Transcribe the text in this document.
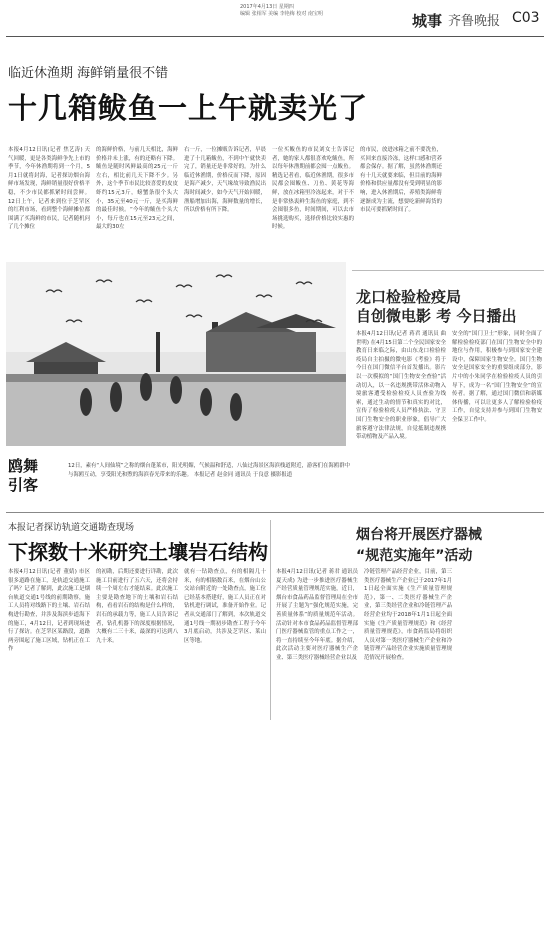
2017年4月13日 星期四
编辑 张相军 美编 李艳梅 校对 南宝明	城事 齐鲁晚报 C03
临近休渔期 海鲜销量很不错
十几箱鲅鱼一上午就卖光了
本报4月12日讯(记者 焦艺涛) 天气回暖，更是各类海鲜争先上市的季节，今年休渔期将到一个月，5月1日就将封海，记者探访烟台海鲜市场发现，海鲜销量很好价格平稳，不少市民都抓紧时间尝鲜。12日上午，记者来到位于芝罘区的红利市场，看到整个海鲜摊位都围满了买海鲜的市民，记者随机问了几个摊位
的海鲜价格，与前几天相比，海鲜价格并未上涨，有的还略有下降。鲅鱼是随时风鲜最高的25元一斤左右，相比前几天下降不少。另外，这个季节市民比较喜爱的皮皮虾约15元3斤，螃蟹条很个头大小，35元至40元一斤，是买海鲜的最佳时候。“今年的鲅鱼个头大小，每斤也在15元至23元之间，最大的30左
右一斤，一位摊贩告诉记者，早晨进了十几箱鲅鱼，不到中午就快卖完了，销量还是非常好的。为什么临近休渔期，价格反而下降，原因是海产减少，天气缘故导致渔民出海时间减少，如今天气开始回暖，渔船增加出海，海鲜数量的增长，所以价格有所下降。
一位买鲅鱼的市民刘女士告诉记者，她的家人都很喜欢吃鲅鱼，所以每年休渔期前都会囤一点鲅鱼。精选记者看，临近休渔期，很多市民都会囤鲅鱼、刀鱼、黄花等海鲜，放在冰箱里冷冻起来，对于不是非常热衷鲜生海鱼的家庭，到不会囤很多鱼，时间期间，可以去市场挑选购买，选择价格比较实惠的时候。
的市民，放进冰箱之前不要洗鱼，买回来直接冷冻，这样口感和营养都会保存。据了解，虽然休渔期还有十几天就要来临，但目前的海鲜价格和供应量都没有受到明显的影响，进入休渔期后，养殖类海鲜将逐渐成为主流，想要吃新鲜海货的市民可要抓紧时间了。
鸥舞引客
12日，素有“人间仙境”之称的烟台蓬莱市，阳光明媚，气候温和舒适，八仙过海景区海滨栈道附近，游客们在海鸥群中与海鸥互动，享受阳光和煦的海滨春光带来的乐趣。 本报记者 赵金同 通讯员 于良意 摄影报道
龙口检验检疫局
自创微电影 考 今日播出
本报4月12日讯(记者 蒋君 通讯员 曲世明) 在4月15日第二个全民国家安全教育日来临之际，由山东龙口检验检疫局自主拍摄的微电影《考验》将于今日在国门微信平台首发播出。影片以一次模拟的“国门生物安全查验”活动切入，以一名违规携带活体动物入境旅客遭受检验检疫人员查验为线索，通过生动的情节和真实的对比，宣传了检验检疫人员严格执法、守卫国门生物安全的职业形象，倡导广大旅客遵守法律法规，自觉抵制违规携带动植物及产品入境。
安全的“国门卫士”形象，同时全面了解检验检疫部门在国门生物安全中的地位与作用，积极参与到国家安全建设中，保障国家生物安全。国门生物安全是国家安全的重要组成部分，影片中的小朱同学在检验检疫人员的引导下，成为一名“国门生物安全”的宣传者。据了解，通过国门微信和新媒体传播，可以让更多人了解检验检疫工作，自觉支持并参与到国门生物安全保卫工作中。
本报记者探访轨道交通勘查现场
下探数十米研究土壤岩石结构
本报4月12日讯(记者 董婧) 市区很多道路在施工，是轨道交通施工了吗？记者了解到，此次施工是烟台轨道交通1号线的前期勘察，施工人员将对线路下的土壤、岩石结构进行勘查，并涉及海滨步道海下的施工，4月12日，记者到现场进行了探访。在芝罘区某路段，道路两旁围起了施工区域，钻机正在工作
的初勘，后期还要进行详勘，此次施工目前进行了五六天，还将会持续一个周左右才能结束。此次施工主要是勘查地下的土壤和岩石结构，看看岩石的结构是什么样的，岩石的承载力等，施工人员告诉记者，钻孔机器下的深度根据情况，大概有二三十米，最深的可达到八九十米。
就有一钻勘查点，有的相隔几十米，有的相隔数百米，在烟台山公交站台附近的一处勘查点，施工位已经基本搭建好，施工人员正在对钻机进行调试，准备开始作业。记者从交通部门了解到，本次轨道交通1号线一期初步勘查工程于今年3月底启动，共涉及芝罘区、莱山区等地。
烟台将开展医疗器械
“规范实施年”活动
本报4月12日讯(记者 蒋君 通讯员 夏天成) 为进一步推进医疗器械生产经营质量管理规范实施，近日，烟台市食品药品监督管理局在全市开展了主题为“强化规范实施，完善质量体系”的质量规范年活动。活动针对本市食品药品监督管理部门医疗器械监管的重点工作之一，将一直持续至今年年底。据介绍，此次活动主要对医疗器械生产企业、第三类医疗器械经营企业以及
冷链管理产品经营企业，目前，第三类医疗器械生产企业已于2017年1月1日起全面实施《生产质量管理规范》，第一、二类医疗器械生产企业，第三类经营企业和冷链管理产品经营企业均于2018年1月1日起全面实施《生产质量管理规范》和《经营质量管理规范》，市食药监局将组织人员对第一类医疗器械生产企业和冷链管理产品经营企业实施质量管理规范情况开展检查。
